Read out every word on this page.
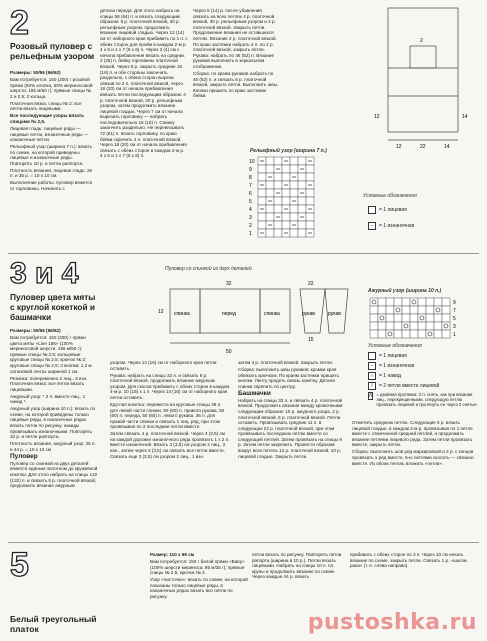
2
Розовый пуловер с рельефным узором

Размеры: 50/56 (56/62)

Вам потребуется: 150 (200) г розовой пряжи (50% хлопка, 50% мериносовой шерсти; 156 м/50 г); прямые спицы № 2 и 2,5; 2 кольца.

Платочная вязка, спицы № 2: все петли вязать лицевыми.

Все последующие узоры вязать спицами № 2,5.

Лицевая гладь: лицевые ряды — лицевые петли, изнаночные ряды — изнаночные петли.

Рельефный узор (ширина 7 п.): вязать по схеме, на которой приведены лицевые и изнаночные ряды. Повторять 10 р. и петли раппорта.

Плотность вязания, лицевая гладь: 26 п. и 35 р. = 10 х 10 см.

Выполнение работы: пуловер вяжется от горловины. Начинать с

детали переда. Для этого набрать на спицы 58 (64) п. и вязать следующим образом: 6 р. платочной вязкой, 30 р. рельефным узором, продолжить вязание лицевой гладью. Через 12 (14) см от наборного края прибавить по 1 п. с обеих сторон для пройм в каждом 2-м р. 4 х 6 и 1 х 7 (6 х 6) п. Через 3 (4) см с начала прибавления вязать на средних 2 (26) п. бейку горловины платочной вязкой. Через 8 р. закрыть средние 16 (18) п. и обе стороны закончить раздельно, с обеих сторон выреза связав по 2 п. платочной вязкой, через 18 (20) см от начала прибавления ввязать петли последующим образом: 4 р. платочной вязкой, 20 р. рельефным узором, затем продолжить вязание лицевой гладью. Через 7 см от начала вырезать горловину — набрать последовательно 16 (18) п. Спинку закончить раздельно. Не перевязывать 72 (81) п. вязать горловину, по краю бейки скрепить 4 п. платочной вязкой. Через 18 (20) см от начала прибавления связать с обеих сторон в каждом 2-м р. 4 х 6 и 1 х 7 (6 х 6) п.

Через 6 (14) р. после убавления связать на всех петлях 4 р. платочной вязкой, 30 р. рельефным узором и 2 р. платочной вязкой. Закрыть петли. Продолжение вязания не оставшихся петлях. Вязание 2 р. платочной вязкой. По краю застежки набрать 4 п. по 2 р. платочной вязкой, закрыть петли. Рукава: набрать по 46 (52) п. Вязание рукавов выполнить в зеркальном отображении.

Сборка: по краям рукавов набрать по 46 (52) п. и связать 6 р. платочной вязкой, закрыть петли. Выполнить швы. Кнопки пришить по краю застежки бейки.

12	14
22
12	14
2
Рельефный узор (ширина 7 п.)
10
9
8
7
6
5
4
3
2
1
Условные обозначения
= 1 лицевая
–	= 1 изнаночная
3 и 4
Пуловер цвета мяты с круглой кокеткой и башмачки

Размеры: 50/56 (56/62)

Вам потребуется: 150 (200) г пряжи цвета мяты «Line 156» (100% мериносовой шерсти, 156 м/50 г); прямые спицы № 2,5; кольцевые круговые спицы № 2,5; крючок № 2; круговые спицы № 2,5; 3 кнопки; 1,2 м сатиновой ленты шириной 1 см.

Резинка: попеременно 2 лиц., 3 изн. Платочная вязка: все петли вязать лицевыми.

Ажурный узор: * 2 п. вместе лиц., 1 накид *.

Ажурный узор (ширина 10 п.): вязать по схеме, на которой приведены только лицевые ряды, в изнаночных рядах вязать петли по рисунку, накиды провязывать изнаночными. Повторять 10 р. и петли раппорта.

Плотность вязания, ажурный узор: 25 п. и 44 р. = 10 х 10 см

Пуловер

Пуловер со спинкой из двух деталей вяжется единым полотном до кружевной кокетки. Для этого набрать на спицы 122 (132) п. и связать 6 р. платочной вязкой, продолжить вязание ажурным

Пуловер со спинкой из двух деталей
спинка	перед	спинка	рукав	рукав
12
32	22
15
50

узором. Через 14 (16) см от наборного края петли оставить.

Рукава: набрать на спицы 32 п. и связать 6 р. платочной вязкой, продолжить вязание ажурным узором. Для скосов прибавить с обеих сторон в каждом 4-м р. 10 (15) х 1 п. Через 14 (16) см от наборного края петли оставить.

Круглая кокетка: перевести на круговые спицы 36 п. для левой части спинки, 50 (60) п. правого рукава, 50 (60) п. переда, 50 (60) п. левого рукава, 36 п. для правой части спинки и связать 1 лиц. ряд, при этом провязывая по 2 последние петли вместе.

Затем связать 4 р. платочной вязкой. Через 3 (3,5) см на каждой дорожке изнаночного ряда провязать 1 х 2 п. вместе изнаночной. Вязать 3 (3,5) см узором 2 лиц., 2 изн., затем через 3 (3,5) см связать все петли вместе. Связать еще 3 (3,5) см узором 2 лиц., 1 изн.

затем 4 р. платочной вязкой. Закрыть петли.

Сборка: выполнить швы рукавов; кромки края обвязать крючком. По краям застежки пришить кнопки. Ленту продеть сквозь кокетку. Детали спинки скрепить по центру.

Башмачки

Набрать на спицы 33 п. и связать 4 р. платочной вязкой. Продолжить вязание между кромочными следующим образом: 10 р. ажурного узора, 2 р. платочной вязкой, 6 р. платочной вязкой. Петли оставить. Провязывать средние 11 п. в следующих 22 р. платочной вязкой, при этом провязывать последнюю петлю вместе со следующей петлей. Затем провязать на спицы 9 р. Затем петли закрепить. Провести образом: вокруг всех петель 12 р. платочной вязкой, 10 р. лицевой гладью. Закрыть петли.

Ажурный узор (ширина 10 п.)
9
7
5
3
1
Условные обозначения
= 1 лицевая
–	= 1 изнаночная
○	= 1 накид
/	= 2 петли вместе лицевой
Λ = двойная протяжка: 2 п. снять, как при вязании лиц., перекрещенными, следующую петлю провязать лицевой и протянуть ее через 2 снятые

Отметить среднюю петлю. Следующие 6 р. вязать лицевой гладью, в каждом 2-м р. провязывая по 1 петле вместе с отмеченной средней петлей, и продолжить вязание петлями лицевого ряда. Затем петли провязать вместе, закрыть петли.

Сборка: выполнить шов ряд маркировкой и 2 р. с концов провязать 1 ряд вместе, 5-ю петлями сколоть — связано вместе. Из обоих петель вложить «петли».

5
Белый треугольный платок

Размер: 110 х 65 см

Вам потребуется: 150 г белой пряжи «Baby» (100% шерсти мериноса, 95 м/25 г); прямые спицы № 2,5; крючок № 2.

Узор «листочки»: вязать по схеме, на которой показаны только лицевые ряды, в изнаночных рядах вязать все петли по рисунку.

петли вязать по рисунку. Повторять петли рапорта (ширина в 10 р.). Петли вязать лицевыми. Набрать на спицы 10 п. пл. крупы и продолжить вязание по схеме. Через каждые 44 р. вязать

прибавить с обеих сторон по 3 п. Через 10 см начать вязание по схеме, закрыть петли. Связать 1 р. «шагом рака» (т. е. слева направо).

pustoshka.ru
